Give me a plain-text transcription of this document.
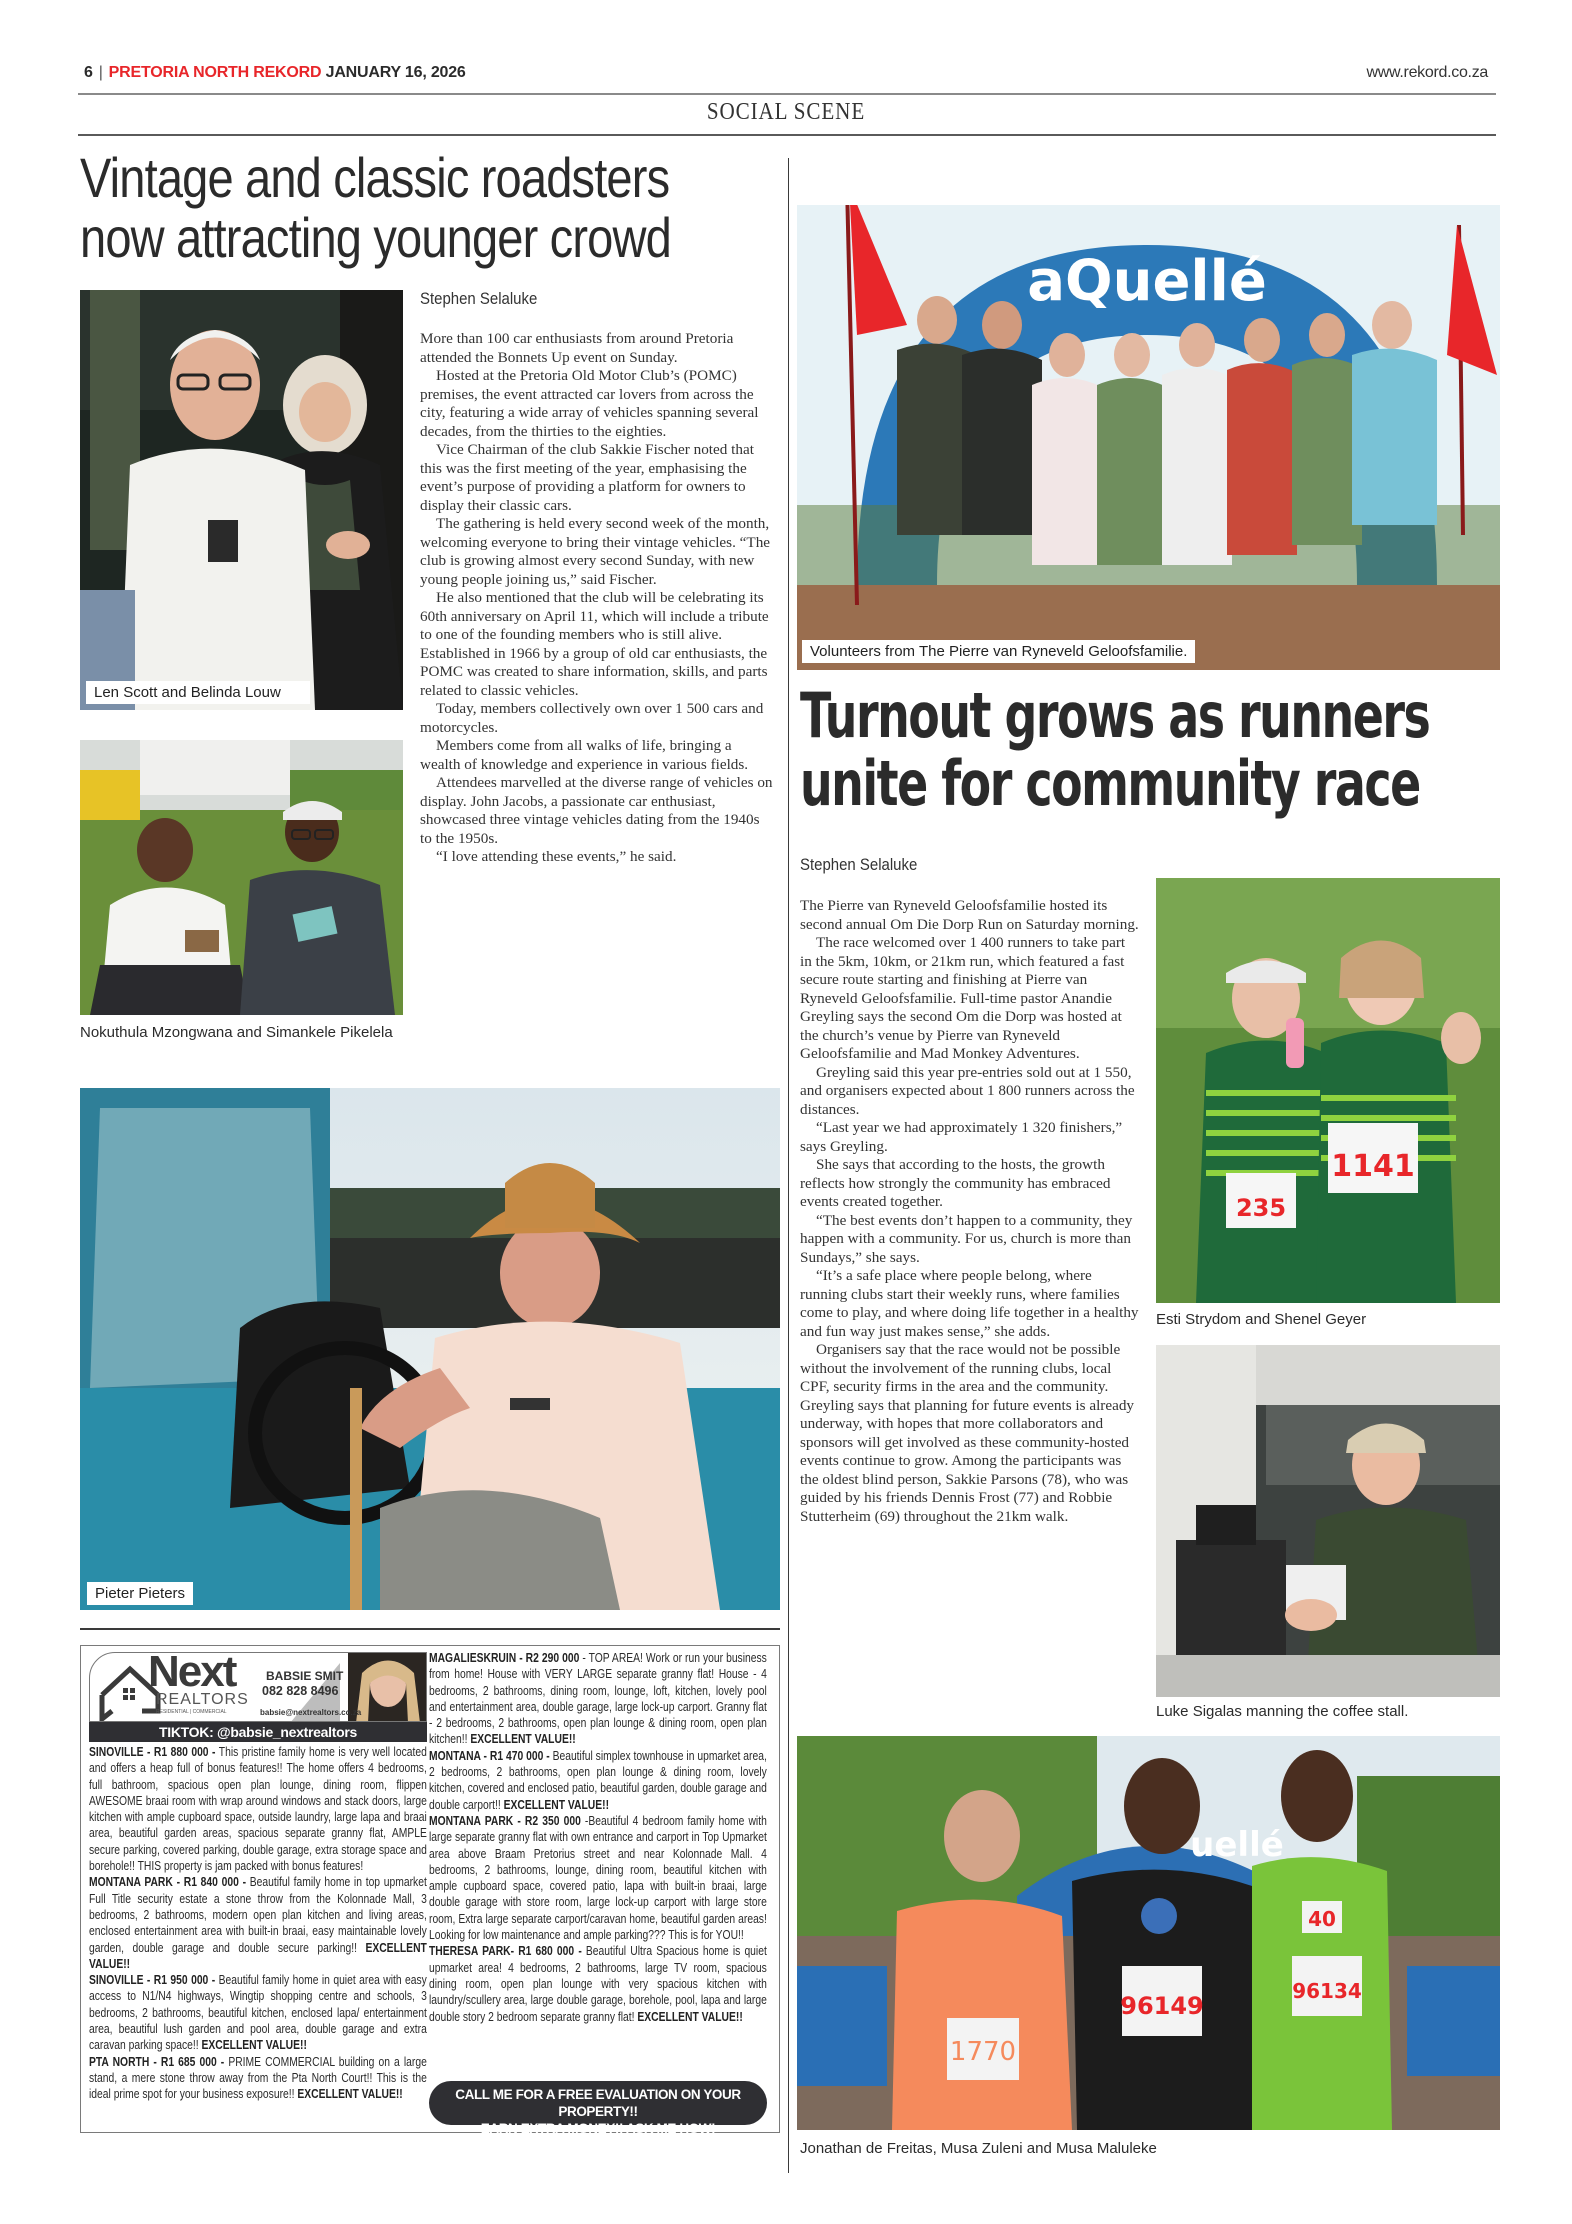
6 | PRETORIA NORTH REKORD JANUARY 16, 2026	www.rekord.co.za
SOCIAL SCENE
Vintage and classic roadsters
now attracting younger crowd
Len Scott and Belinda Louw
Nokuthula Mzongwana and Simankele Pikelela
Stephen Selaluke

More than 100 car enthusiasts from around Pretoria attended the Bonnets Up event on Sunday.

Hosted at the Pretoria Old Motor Club’s (POMC) premises, the event attracted car lovers from across the city, featuring a wide array of vehicles spanning several decades, from the thirties to the eighties.

Vice Chairman of the club Sakkie Fischer noted that this was the first meeting of the year, emphasising the event’s purpose of providing a platform for owners to display their classic cars.

The gathering is held every second week of the month, welcoming everyone to bring their vintage vehicles. “The club is growing almost every second Sunday, with new young people joining us,” said Fischer.

He also mentioned that the club will be celebrating its 60th anniversary on April 11, which will include a tribute to one of the founding members who is still alive. Established in 1966 by a group of old car enthusiasts, the POMC was created to share information, skills, and parts related to classic vehicles.

Today, members collectively own over 1 500 cars and motorcycles.

Members come from all walks of life, bringing a wealth of knowledge and experience in various fields.

Attendees marvelled at the diverse range of vehicles on display. John Jacobs, a passionate car enthusiast, showcased three vintage vehicles dating from the 1940s to the 1950s.

“I love attending these events,” he said.

Pieter Pieters
aQuellé
Volunteers from The Pierre van Ryneveld Geloofsfamilie.
Turnout grows as runners
unite for community race
Stephen Selaluke

The Pierre van Ryneveld Geloofsfamilie hosted its second annual Om Die Dorp Run on Saturday morning.

The race welcomed over 1 400 runners to take part in the 5km, 10km, or 21km run, which featured a fast secure route starting and finishing at Pierre van Ryneveld Geloofsfamilie. Full-time pastor Anandie Greyling says the second Om die Dorp was hosted at the church’s venue by Pierre van Ryneveld Geloofsfamilie and Mad Monkey Adventures.

Greyling said this year pre-entries sold out at 1 550, and organisers expected about 1 800 runners across the distances.

“Last year we had approximately 1 320 finishers,” says Greyling.

She says that according to the hosts, the growth reflects how strongly the community has embraced events created together.

“The best events don’t happen to a community, they happen with a community. For us, church is more than Sundays,” she says.

“It’s a safe place where people belong, where running clubs start their weekly runs, where families come to play, and where doing life together in a healthy and fun way just makes sense,” she adds.

Organisers say that the race would not be possible without the involvement of the running clubs, local CPF, security firms in the area and the community. Greyling says that planning for future events is already underway, with hopes that more collaborators and sponsors will get involved as these community-hosted events continue to grow. Among the participants was the oldest blind person, Sakkie Parsons (78), who was guided by his friends Dennis Frost (77) and Robbie Stutterheim (69) throughout the 21km walk.

1141
235
Esti Strydom and Shenel Geyer
Luke Sigalas manning the coffee stall.
uellé
1770
96149
40
96134
Jonathan de Freitas, Musa Zuleni and Musa Maluleke
Next
REALTORS
RESIDENTIAL | COMMERCIAL
BABSIE SMIT
082 828 8496
babsie@nextrealtors.co.za
TIKTOK: @babsie_nextrealtors
SINOVILLE - R1 880 000 - This pristine family home is very well located and offers a heap full of bonus features!! The home offers 4 bedrooms, full bathroom, spacious open plan lounge, dining room, flippen AWESOME braai room with wrap around windows and stack doors, large kitchen with ample cupboard space, outside laundry, large lapa and braai area, beautiful garden areas, spacious separate granny flat, AMPLE secure parking, covered parking, double garage, extra storage space and borehole!! THIS property is jam packed with bonus features!
MONTANA PARK - R1 840 000 - Beautiful family home in top upmarket Full Title security estate a stone throw from the Kolonnade Mall, 3 bedrooms, 2 bathrooms, modern open plan kitchen and living areas, enclosed entertainment area with built-in braai, easy maintainable lovely garden, double garage and double secure parking!! EXCELLENT VALUE!!
SINOVILLE - R1 950 000 - Beautiful family home in quiet area with easy access to N1/N4 highways, Wingtip shopping centre and schools, 3 bedrooms, 2 bathrooms, beautiful kitchen, enclosed lapa/ entertainment area, beautiful lush garden and pool area, double garage and extra caravan parking space!! EXCELLENT VALUE!!
PTA NORTH - R1 685 000 - PRIME COMMERCIAL building on a large stand, a mere stone throw away from the Pta North Court!! This is the ideal prime spot for your business exposure!! EXCELLENT VALUE!!
MAGALIESKRUIN - R2 290 000 - TOP AREA! Work or run your business from home! House with VERY LARGE separate granny flat! House - 4 bedrooms, 2 bathrooms, dining room, lounge, loft, kitchen, lovely pool and entertainment area, double garage, large lock-up carport. Granny flat - 2 bedrooms, 2 bathrooms, open plan lounge & dining room, open plan kitchen!! EXCELLENT VALUE!!
MONTANA - R1 470 000 - Beautiful simplex townhouse in upmarket area, 2 bedrooms, 2 bathrooms, open plan lounge & dining room, lovely kitchen, covered and enclosed patio, beautiful garden, double garage and double carport!! EXCELLENT VALUE!!
MONTANA PARK - R2 350 000 -Beautiful 4 bedroom family home with large separate granny flat with own entrance and carport in Top Upmarket area above Braam Pretorius street and near Kolonnade Mall. 4 bedrooms, 2 bathrooms, lounge, dining room, beautiful kitchen with ample cupboard space, covered patio, lapa with built-in braai, large double garage with store room, large lock-up carport with large store room, Extra large separate carport/caravan home, beautiful garden areas! Looking for low maintenance and ample parking??? This is for YOU!!
THERESA PARK- R1 680 000 - Beautiful Ultra Spacious home is quiet upmarket area! 4 bedrooms, 2 bathrooms, large TV room, spacious dining room, open plan lounge with very spacious kitchen with laundry/scullery area, large double garage, borehole, pool, lapa and large double story 2 bedroom separate granny flat! EXCELLENT VALUE!!
CALL ME FOR A FREE EVALUATION ON YOUR PROPERTY!!
EARN EXTRA MONEY!! ASK ME HOW!
